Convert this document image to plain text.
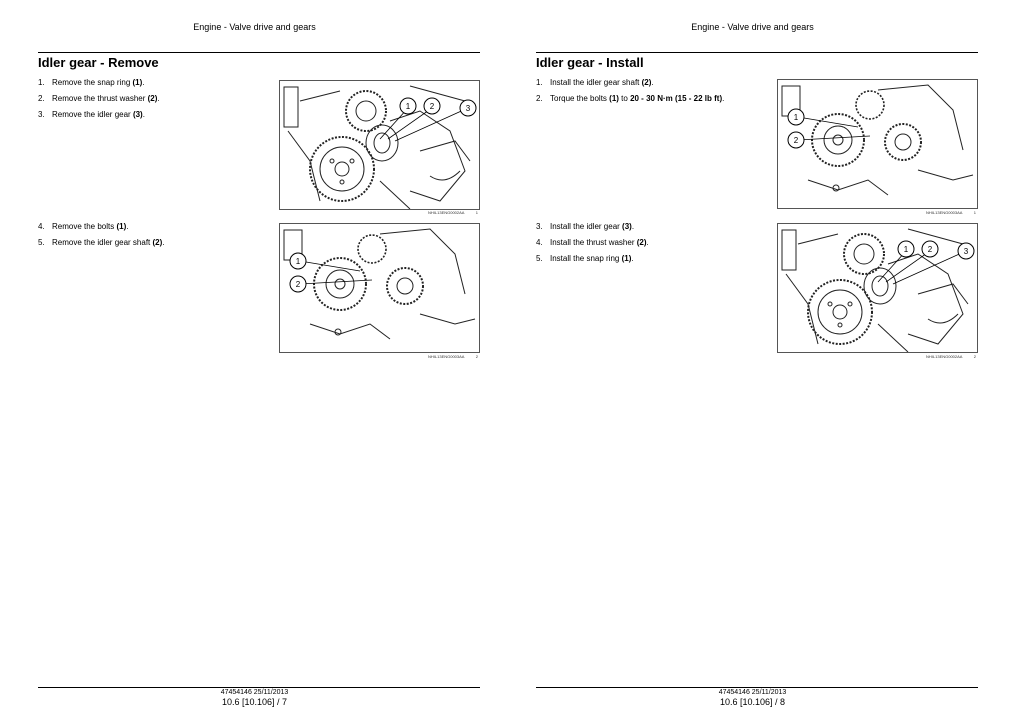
Engine - Valve drive and gears
Idler gear - Remove
1. Remove the snap ring (1).
2. Remove the thrust washer (2).
3. Remove the idler gear (3).
1 2	3
NHIL13ENG0002AA	1
4. Remove the bolts (1).
5. Remove the idler gear shaft (2).
1
2
NHIL13ENG0003AA	2
47454146 25/11/2013
10.6 [10.106] / 7
Engine - Valve drive and gears
Idler gear - Install
1. Install the idler gear shaft (2).
2. Torque the bolts (1) to 20 - 30 N·m (15 - 22 lb ft).
1
2
NHIL13ENG0003AA	1
3. Install the idler gear (3).
4. Install the thrust washer (2).
5. Install the snap ring (1).
1 2	3
NHIL13ENG0002AA	2
47454146 25/11/2013
10.6 [10.106] / 8
